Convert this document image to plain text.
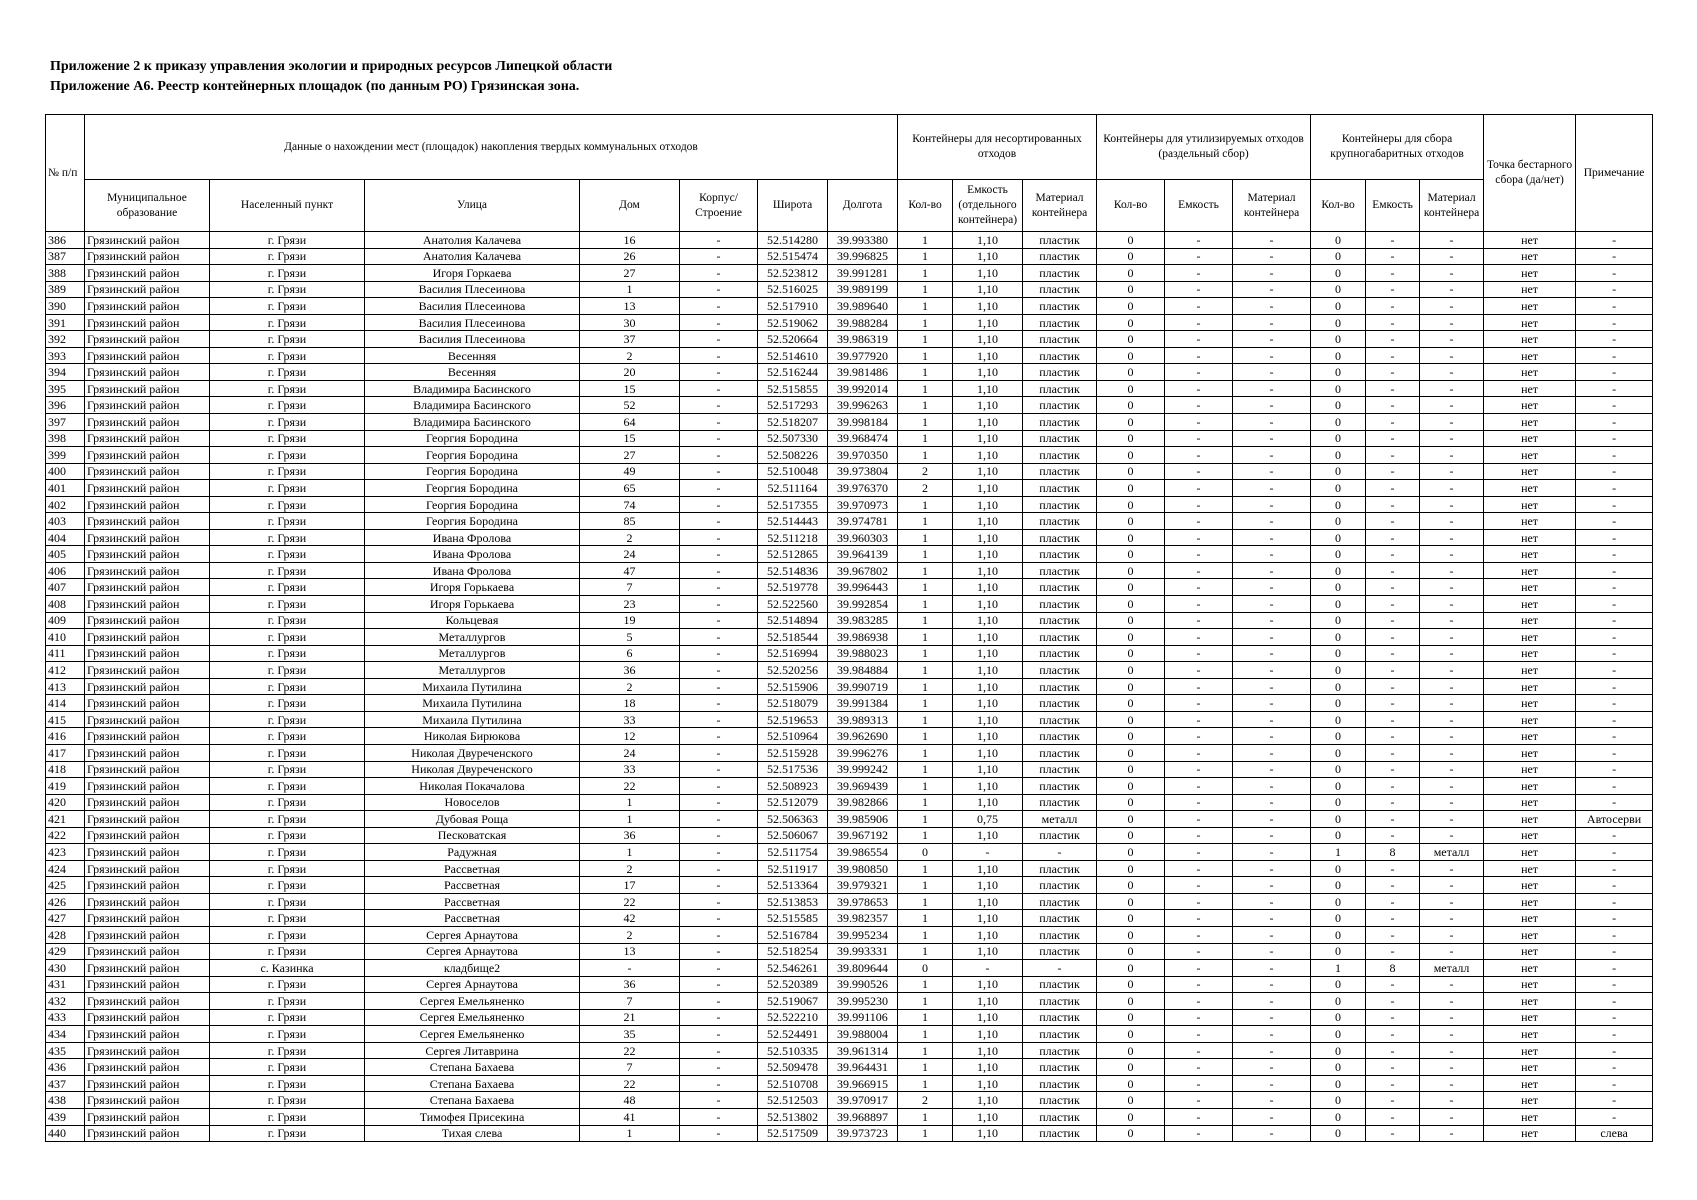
Приложение 2 к приказу управления экологии и природных ресурсов Липецкой области
Приложение А6. Реестр контейнерных площадок (по данным РО) Грязинская зона.
№ п/п	Данные о нахождении мест (площадок) накопления твердых коммунальных отходов							Контейнеры для несортированных отходов			Контейнеры для утилизируемых отходов (раздельный сбор)			Контейнеры для сбора крупногабаритных отходов			Точка бестарного сбора (да/нет)	Примечание
	Муниципальное образование	Населенный пункт	Улица	Дом	Корпус/ Строение	Широта	Долгота	Кол-во	Емкость (отдельного контейнера)	Материал контейнера	Кол-во	Емкость	Материал контейнера	Кол-во	Емкость	Материал контейнера		
386	Грязинский район	г. Грязи	Анатолия Калачева	16	-	52.514280	39.993380	1	1,10	пластик	0	-	-	0	-	-	нет	-
387	Грязинский район	г. Грязи	Анатолия Калачева	26	-	52.515474	39.996825	1	1,10	пластик	0	-	-	0	-	-	нет	-
388	Грязинский район	г. Грязи	Игоря Горкаева	27	-	52.523812	39.991281	1	1,10	пластик	0	-	-	0	-	-	нет	-
389	Грязинский район	г. Грязи	Василия Плесеинова	1	-	52.516025	39.989199	1	1,10	пластик	0	-	-	0	-	-	нет	-
390	Грязинский район	г. Грязи	Василия Плесеинова	13	-	52.517910	39.989640	1	1,10	пластик	0	-	-	0	-	-	нет	-
391	Грязинский район	г. Грязи	Василия Плесеинова	30	-	52.519062	39.988284	1	1,10	пластик	0	-	-	0	-	-	нет	-
392	Грязинский район	г. Грязи	Василия Плесеинова	37	-	52.520664	39.986319	1	1,10	пластик	0	-	-	0	-	-	нет	-
393	Грязинский район	г. Грязи	Весенняя	2	-	52.514610	39.977920	1	1,10	пластик	0	-	-	0	-	-	нет	-
394	Грязинский район	г. Грязи	Весенняя	20	-	52.516244	39.981486	1	1,10	пластик	0	-	-	0	-	-	нет	-
395	Грязинский район	г. Грязи	Владимира Басинского	15	-	52.515855	39.992014	1	1,10	пластик	0	-	-	0	-	-	нет	-
396	Грязинский район	г. Грязи	Владимира Басинского	52	-	52.517293	39.996263	1	1,10	пластик	0	-	-	0	-	-	нет	-
397	Грязинский район	г. Грязи	Владимира Басинского	64	-	52.518207	39.998184	1	1,10	пластик	0	-	-	0	-	-	нет	-
398	Грязинский район	г. Грязи	Георгия Бородина	15	-	52.507330	39.968474	1	1,10	пластик	0	-	-	0	-	-	нет	-
399	Грязинский район	г. Грязи	Георгия Бородина	27	-	52.508226	39.970350	1	1,10	пластик	0	-	-	0	-	-	нет	-
400	Грязинский район	г. Грязи	Георгия Бородина	49	-	52.510048	39.973804	2	1,10	пластик	0	-	-	0	-	-	нет	-
401	Грязинский район	г. Грязи	Георгия Бородина	65	-	52.511164	39.976370	2	1,10	пластик	0	-	-	0	-	-	нет	-
402	Грязинский район	г. Грязи	Георгия Бородина	74	-	52.517355	39.970973	1	1,10	пластик	0	-	-	0	-	-	нет	-
403	Грязинский район	г. Грязи	Георгия Бородина	85	-	52.514443	39.974781	1	1,10	пластик	0	-	-	0	-	-	нет	-
404	Грязинский район	г. Грязи	Ивана Фролова	2	-	52.511218	39.960303	1	1,10	пластик	0	-	-	0	-	-	нет	-
405	Грязинский район	г. Грязи	Ивана Фролова	24	-	52.512865	39.964139	1	1,10	пластик	0	-	-	0	-	-	нет	-
406	Грязинский район	г. Грязи	Ивана Фролова	47	-	52.514836	39.967802	1	1,10	пластик	0	-	-	0	-	-	нет	-
407	Грязинский район	г. Грязи	Игоря Горькаева	7	-	52.519778	39.996443	1	1,10	пластик	0	-	-	0	-	-	нет	-
408	Грязинский район	г. Грязи	Игоря Горькаева	23	-	52.522560	39.992854	1	1,10	пластик	0	-	-	0	-	-	нет	-
409	Грязинский район	г. Грязи	Кольцевая	19	-	52.514894	39.983285	1	1,10	пластик	0	-	-	0	-	-	нет	-
410	Грязинский район	г. Грязи	Металлургов	5	-	52.518544	39.986938	1	1,10	пластик	0	-	-	0	-	-	нет	-
411	Грязинский район	г. Грязи	Металлургов	6	-	52.516994	39.988023	1	1,10	пластик	0	-	-	0	-	-	нет	-
412	Грязинский район	г. Грязи	Металлургов	36	-	52.520256	39.984884	1	1,10	пластик	0	-	-	0	-	-	нет	-
413	Грязинский район	г. Грязи	Михаила Путилина	2	-	52.515906	39.990719	1	1,10	пластик	0	-	-	0	-	-	нет	-
414	Грязинский район	г. Грязи	Михаила Путилина	18	-	52.518079	39.991384	1	1,10	пластик	0	-	-	0	-	-	нет	-
415	Грязинский район	г. Грязи	Михаила Путилина	33	-	52.519653	39.989313	1	1,10	пластик	0	-	-	0	-	-	нет	-
416	Грязинский район	г. Грязи	Николая Бирюкова	12	-	52.510964	39.962690	1	1,10	пластик	0	-	-	0	-	-	нет	-
417	Грязинский район	г. Грязи	Николая Двуреченского	24	-	52.515928	39.996276	1	1,10	пластик	0	-	-	0	-	-	нет	-
418	Грязинский район	г. Грязи	Николая Двуреченского	33	-	52.517536	39.999242	1	1,10	пластик	0	-	-	0	-	-	нет	-
419	Грязинский район	г. Грязи	Николая Покачалова	22	-	52.508923	39.969439	1	1,10	пластик	0	-	-	0	-	-	нет	-
420	Грязинский район	г. Грязи	Новоселов	1	-	52.512079	39.982866	1	1,10	пластик	0	-	-	0	-	-	нет	-
421	Грязинский район	г. Грязи	Дубовая Роща	1	-	52.506363	39.985906	1	0,75	металл	0	-	-	0	-	-	нет	Автосерви
422	Грязинский район	г. Грязи	Песковатская	36	-	52.506067	39.967192	1	1,10	пластик	0	-	-	0	-	-	нет	-
423	Грязинский район	г. Грязи	Радужная	1	-	52.511754	39.986554	0	-	-	0	-	-	1	8	металл	нет	-
424	Грязинский район	г. Грязи	Рассветная	2	-	52.511917	39.980850	1	1,10	пластик	0	-	-	0	-	-	нет	-
425	Грязинский район	г. Грязи	Рассветная	17	-	52.513364	39.979321	1	1,10	пластик	0	-	-	0	-	-	нет	-
426	Грязинский район	г. Грязи	Рассветная	22	-	52.513853	39.978653	1	1,10	пластик	0	-	-	0	-	-	нет	-
427	Грязинский район	г. Грязи	Рассветная	42	-	52.515585	39.982357	1	1,10	пластик	0	-	-	0	-	-	нет	-
428	Грязинский район	г. Грязи	Сергея Арнаутова	2	-	52.516784	39.995234	1	1,10	пластик	0	-	-	0	-	-	нет	-
429	Грязинский район	г. Грязи	Сергея Арнаутова	13	-	52.518254	39.993331	1	1,10	пластик	0	-	-	0	-	-	нет	-
430	Грязинский район	с. Казинка	кладбище2	-	-	52.546261	39.809644	0	-	-	0	-	-	1	8	металл	нет	-
431	Грязинский район	г. Грязи	Сергея Арнаутова	36	-	52.520389	39.990526	1	1,10	пластик	0	-	-	0	-	-	нет	-
432	Грязинский район	г. Грязи	Сергея Емельяненко	7	-	52.519067	39.995230	1	1,10	пластик	0	-	-	0	-	-	нет	-
433	Грязинский район	г. Грязи	Сергея Емельяненко	21	-	52.522210	39.991106	1	1,10	пластик	0	-	-	0	-	-	нет	-
434	Грязинский район	г. Грязи	Сергея Емельяненко	35	-	52.524491	39.988004	1	1,10	пластик	0	-	-	0	-	-	нет	-
435	Грязинский район	г. Грязи	Сергея Литаврина	22	-	52.510335	39.961314	1	1,10	пластик	0	-	-	0	-	-	нет	-
436	Грязинский район	г. Грязи	Степана Бахаева	7	-	52.509478	39.964431	1	1,10	пластик	0	-	-	0	-	-	нет	-
437	Грязинский район	г. Грязи	Степана Бахаева	22	-	52.510708	39.966915	1	1,10	пластик	0	-	-	0	-	-	нет	-
438	Грязинский район	г. Грязи	Степана Бахаева	48	-	52.512503	39.970917	2	1,10	пластик	0	-	-	0	-	-	нет	-
439	Грязинский район	г. Грязи	Тимофея Присекина	41	-	52.513802	39.968897	1	1,10	пластик	0	-	-	0	-	-	нет	-
440	Грязинский район	г. Грязи	Тихая слева	1	-	52.517509	39.973723	1	1,10	пластик	0	-	-	0	-	-	нет	слева
